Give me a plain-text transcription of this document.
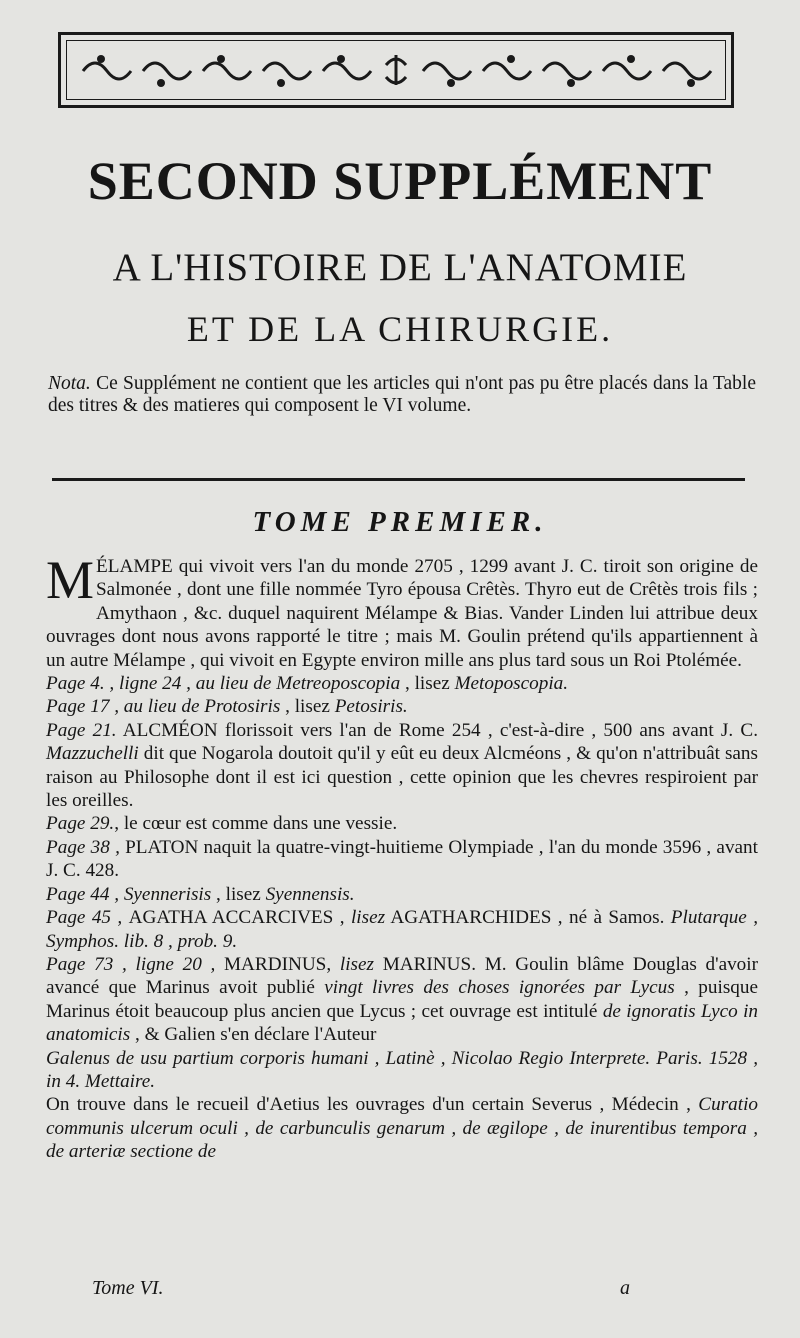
SECOND SUPPLÉMENT
A L'HISTOIRE DE L'ANATOMIE
ET DE LA CHIRURGIE.
Nota. Ce Supplément ne contient que les articles qui n'ont pas pu être placés dans la Table des titres & des matieres qui composent le VI volume.
TOME PREMIER.

MÉLAMPE qui vivoit vers l'an du monde 2705 , 1299 avant J. C. tiroit son origine de Salmonée , dont une fille nommée Tyro épousa Crêtès. Thyro eut de Crêtès trois fils ; Amythaon , &c. duquel naquirent Mélampe & Bias. Vander Linden lui attribue deux ouvrages dont nous avons rapporté le titre ; mais M. Goulin prétend qu'ils appartiennent à un autre Mélampe , qui vivoit en Egypte environ mille ans plus tard sous un Roi Ptolémée.

Page 4. , ligne 24 , au lieu de Metreoposcopia , lisez Metoposcopia.

Page 17 , au lieu de Protosiris , lisez Petosiris.

Page 21. ALCMÉON florissoit vers l'an de Rome 254 , c'est-à-dire , 500 ans avant J. C. Mazzuchelli dit que Nogarola doutoit qu'il y eût eu deux Alcméons , & qu'on n'attribuât sans raison au Philosophe dont il est ici question , cette opinion que les chevres respiroient par les oreilles.

Page 29., le cœur est comme dans une vessie.

Page 38 , PLATON naquit la quatre-vingt-huitieme Olympiade , l'an du monde 3596 , avant J. C. 428.

Page 44 , Syennerisis , lisez Syennensis.

Page 45 , AGATHA ACCARCIVES , lisez AGATHARCHIDES , né à Samos. Plutarque , Symphos. lib. 8 , prob. 9.

Page 73 , ligne 20 , MARDINUS, lisez MARINUS. M. Goulin blâme Douglas d'avoir avancé que Marinus avoit publié vingt livres des choses ignorées par Lycus , puisque Marinus étoit beaucoup plus ancien que Lycus ; cet ouvrage est intitulé de ignoratis Lyco in anatomicis , & Galien s'en déclare l'Auteur

Galenus de usu partium corporis humani , Latinè , Nicolao Regio Interprete. Paris. 1528 , in 4. Mettaire.

On trouve dans le recueil d'Aetius les ouvrages d'un certain Severus , Médecin , Curatio communis ulcerum oculi , de carbunculis genarum , de ægilope , de inurentibus tempora , de arteriæ sectione de

Tome VI.	a
